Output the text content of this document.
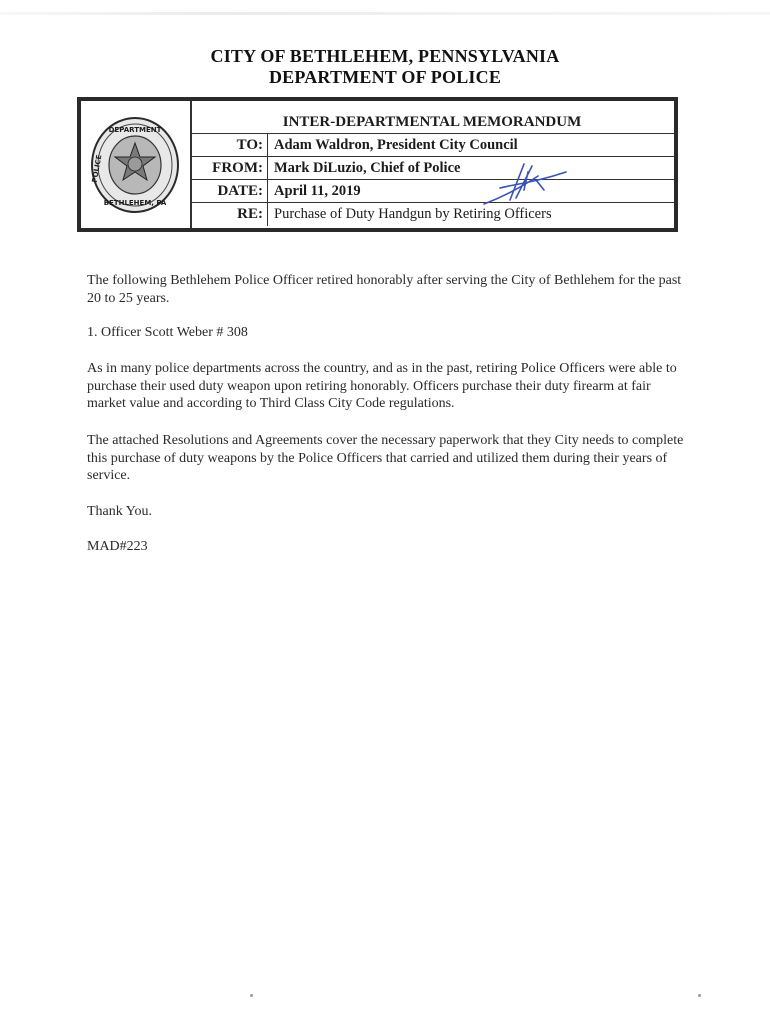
CITY OF BETHLEHEM, PENNSYLVANIA
DEPARTMENT OF POLICE
DEPARTMENT
POLICE
BETHLEHEM, PA
INTER-DEPARTMENTAL MEMORANDUM
TO: Adam Waldron, President City Council
FROM: Mark DiLuzio, Chief of Police
DATE: April 11, 2019
RE: Purchase of Duty Handgun by Retiring Officers
The following Bethlehem Police Officer retired honorably after serving the City of Bethlehem for the past 20 to 25 years.
1. Officer Scott Weber # 308
As in many police departments across the country, and as in the past, retiring Police Officers were able to purchase their used duty weapon upon retiring honorably. Officers purchase their duty firearm at fair market value and according to Third Class City Code regulations.
The attached Resolutions and Agreements cover the necessary paperwork that they City needs to complete this purchase of duty weapons by the Police Officers that carried and utilized them during their years of service.
Thank You.
MAD#223
